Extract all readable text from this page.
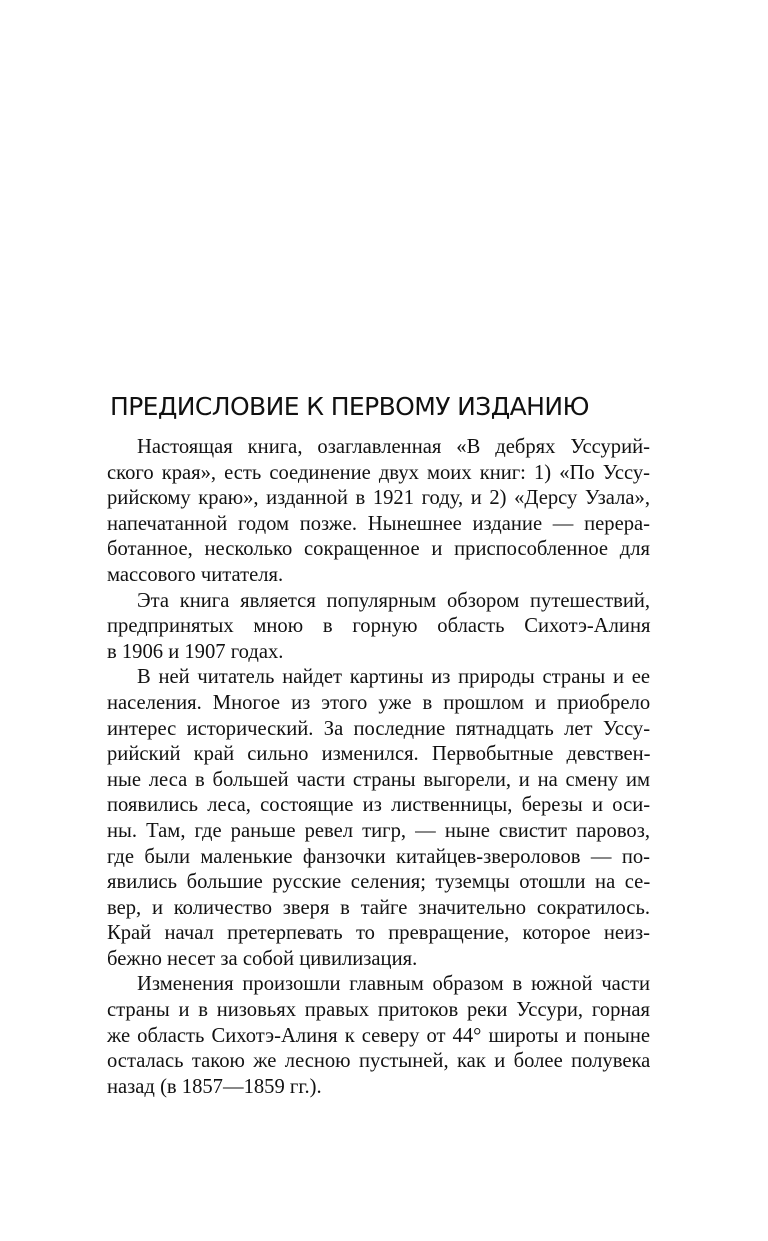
ПРЕДИСЛОВИЕ К ПЕРВОМУ ИЗДАНИЮ

Настоящая книга, озаглавленная «В дебрях Уссурий-
ского края», есть соединение двух моих книг: 1) «По Уссу-
рийскому краю», изданной в 1921 году, и 2) «Дерсу Узала»,
напечатанной годом позже. Нынешнее издание — перера-
ботанное, несколько сокращенное и приспособленное для
массового читателя.

Эта книга является популярным обзором путешествий,
предпринятых мною в горную область Сихотэ-Алиня
в 1906 и 1907 годах.

В ней читатель найдет картины из природы страны и ее
населения. Многое из этого уже в прошлом и приобрело
интерес исторический. За последние пятнадцать лет Уссу-
рийский край сильно изменился. Первобытные девствен-
ные леса в большей части страны выгорели, и на смену им
появились леса, состоящие из лиственницы, березы и оси-
ны. Там, где раньше ревел тигр, — ныне свистит паровоз,
где были маленькие фанзочки китайцев-звероловов — по-
явились большие русские селения; туземцы отошли на се-
вер, и количество зверя в тайге значительно сократилось.
Край начал претерпевать то превращение, которое неиз-
бежно несет за собой цивилизация.

Изменения произошли главным образом в южной части
страны и в низовьях правых притоков реки Уссури, горная
же область Сихотэ-Алиня к северу от 44° широты и поныне
осталась такою же лесною пустыней, как и более полувека
назад (в 1857—1859 гг.).
